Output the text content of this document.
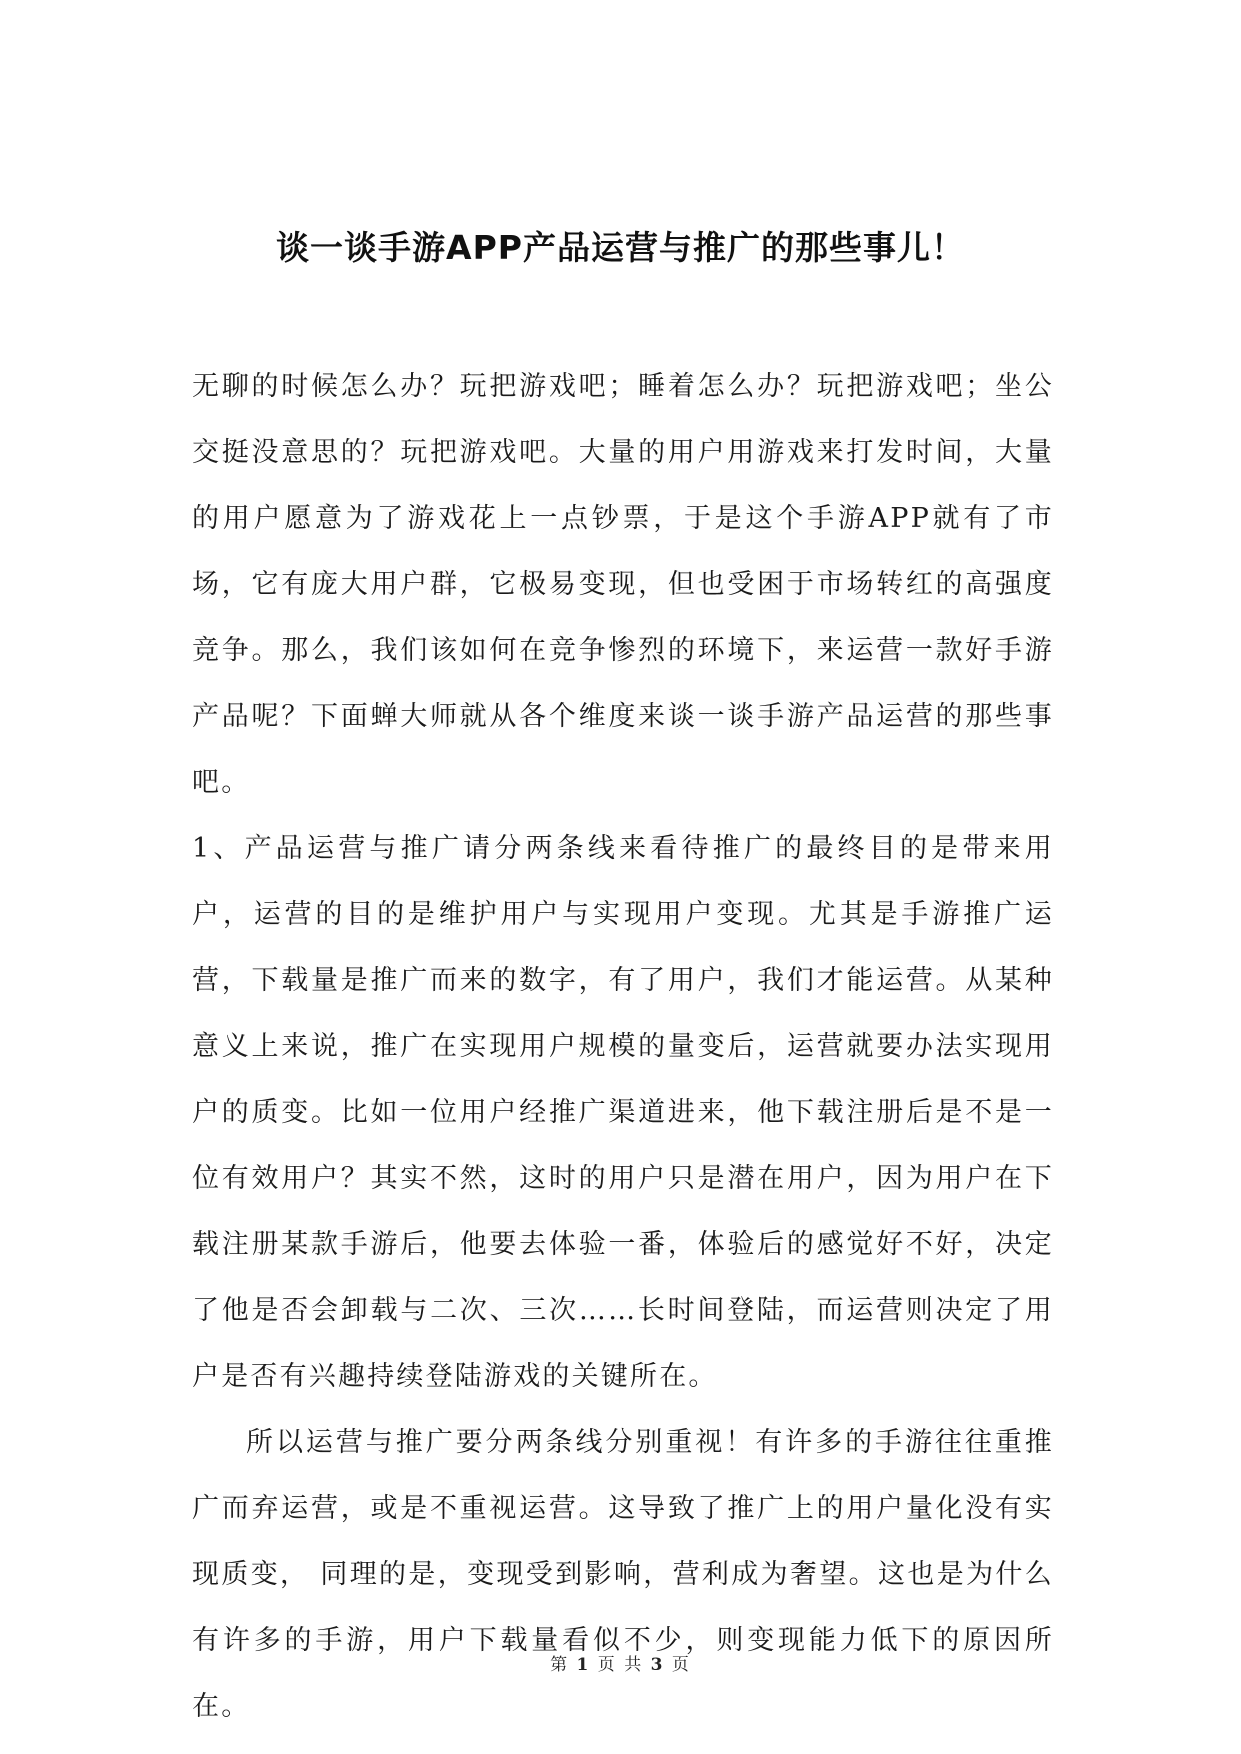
谈一谈手游APP产品运营与推广的那些事儿！

无聊的时候怎么办？玩把游戏吧；睡着怎么办？玩把游戏吧；坐公交挺没意思的？玩把游戏吧。大量的用户用游戏来打发时间，大量的用户愿意为了游戏花上一点钞票，于是这个手游APP就有了市场，它有庞大用户群，它极易变现，但也受困于市场转红的高强度竞争。那么，我们该如何在竞争惨烈的环境下，来运营一款好手游产品呢？下面蝉大师就从各个维度来谈一谈手游产品运营的那些事吧。

1、产品运营与推广请分两条线来看待推广的最终目的是带来用户，运营的目的是维护用户与实现用户变现。尤其是手游推广运营，下载量是推广而来的数字，有了用户，我们才能运营。从某种意义上来说，推广在实现用户规模的量变后，运营就要办法实现用户的质变。比如一位用户经推广渠道进来，他下载注册后是不是一位有效用户？其实不然，这时的用户只是潜在用户，因为用户在下载注册某款手游后，他要去体验一番，体验后的感觉好不好，决定了他是否会卸载与二次、三次……长时间登陆，而运营则决定了用户是否有兴趣持续登陆游戏的关键所在。

所以运营与推广要分两条线分别重视！有许多的手游往往重推广而弃运营，或是不重视运营。这导致了推广上的用户量化没有实现质变， 同理的是，变现受到影响，营利成为奢望。这也是为什么有许多的手游，用户下载量看似不少，则变现能力低下的原因所在。

第 1 页 共 3 页
